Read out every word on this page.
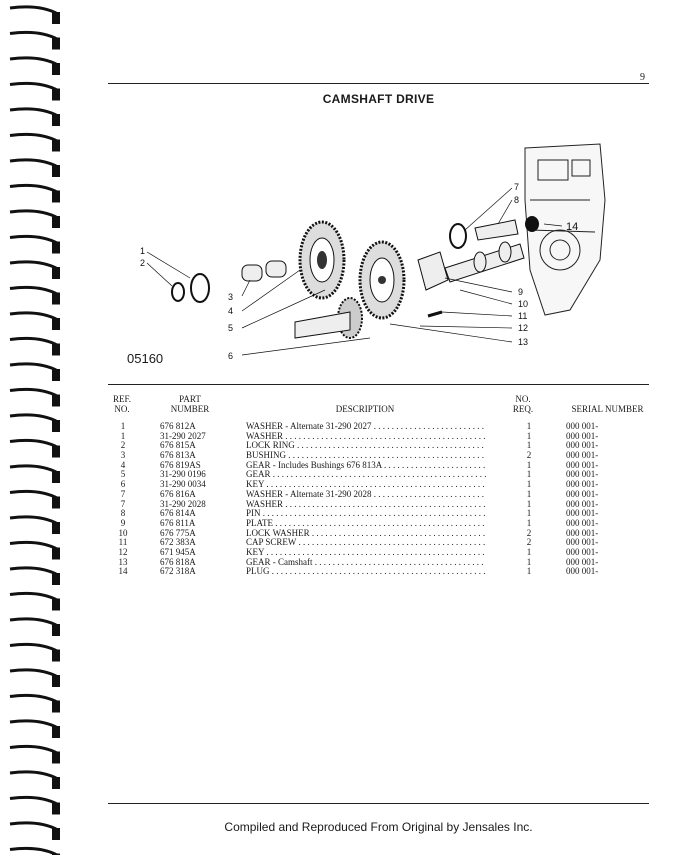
9
CAMSHAFT DRIVE
1
2
3
4
5
6
7
8
9
10
11
12
13
14
05160
REF.
NO.
PART
NUMBER	DESCRIPTION
NO.
REQ.	SERIAL NUMBER
1	676 812A	WASHER - Alternate 31-290 2027 . . .	1	000 001-
1	31-290 2027	WASHER . . .	1	000 001-
2	676 815A	LOCK RING . . .	1	000 001-
3	676 813A	BUSHING . . .	2	000 001-
4	676 819AS	GEAR - Includes Bushings 676 813A . . .	1	000 001-
5	31-290 0196	GEAR . . .	1	000 001-
6	31-290 0034	KEY . . .	1	000 001-
7	676 816A	WASHER - Alternate 31-290 2028 . . .	1	000 001-
7	31-290 2028	WASHER . . .	1	000 001-
8	676 814A	PIN . . .	1	000 001-
9	676 811A	PLATE . . .	1	000 001-
10	676 775A	LOCK WASHER . . .	2	000 001-
11	672 383A	CAP SCREW . . .	2	000 001-
12	671 945A	KEY . . .	1	000 001-
13	676 818A	GEAR - Camshaft . . .	1	000 001-
14	672 318A	PLUG . . .	1	000 001-
Compiled and Reproduced From Original by Jensales Inc.
